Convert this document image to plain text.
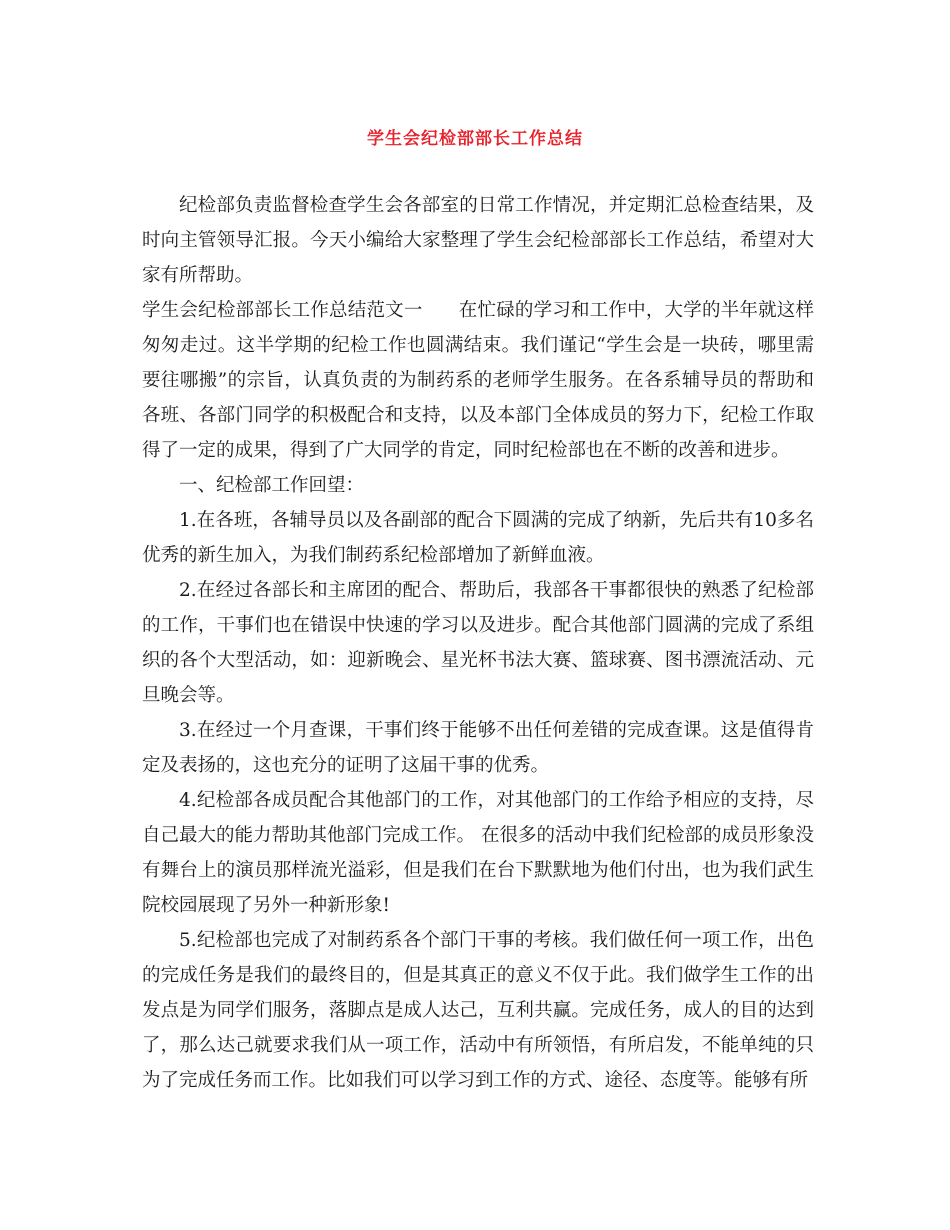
学生会纪检部部长工作总结

纪检部负责监督检查学生会各部室的日常工作情况，并定期汇总检查结果，及时向主管领导汇报。今天小编给大家整理了学生会纪检部部长工作总结，希望对大家有所帮助。

学生会纪检部部长工作总结范文一 在忙碌的学习和工作中，大学的半年就这样匆匆走过。这半学期的纪检工作也圆满结束。我们谨记“学生会是一块砖，哪里需要往哪搬”的宗旨，认真负责的为制药系的老师学生服务。在各系辅导员的帮助和各班、各部门同学的积极配合和支持，以及本部门全体成员的努力下，纪检工作取得了一定的成果，得到了广大同学的肯定，同时纪检部也在不断的改善和进步。

一、纪检部工作回望：

1.在各班，各辅导员以及各副部的配合下圆满的完成了纳新，先后共有10多名优秀的新生加入，为我们制药系纪检部增加了新鲜血液。

2.在经过各部长和主席团的配合、帮助后，我部各干事都很快的熟悉了纪检部的工作，干事们也在错误中快速的学习以及进步。配合其他部门圆满的完成了系组织的各个大型活动，如：迎新晚会、星光杯书法大赛、篮球赛、图书漂流活动、元旦晚会等。

3.在经过一个月查课，干事们终于能够不出任何差错的完成查课。这是值得肯定及表扬的，这也充分的证明了这届干事的优秀。

4.纪检部各成员配合其他部门的工作，对其他部门的工作给予相应的支持，尽自己最大的能力帮助其他部门完成工作。 在很多的活动中我们纪检部的成员形象没有舞台上的演员那样流光溢彩，但是我们在台下默默地为他们付出，也为我们武生院校园展现了另外一种新形象!

5.纪检部也完成了对制药系各个部门干事的考核。我们做任何一项工作，出色的完成任务是我们的最终目的，但是其真正的意义不仅于此。我们做学生工作的出发点是为同学们服务，落脚点是成人达己，互利共赢。完成任务，成人的目的达到了，那么达己就要求我们从一项工作，活动中有所领悟，有所启发，不能单纯的只为了完成任务而工作。比如我们可以学习到工作的方式、途径、态度等。能够有所
